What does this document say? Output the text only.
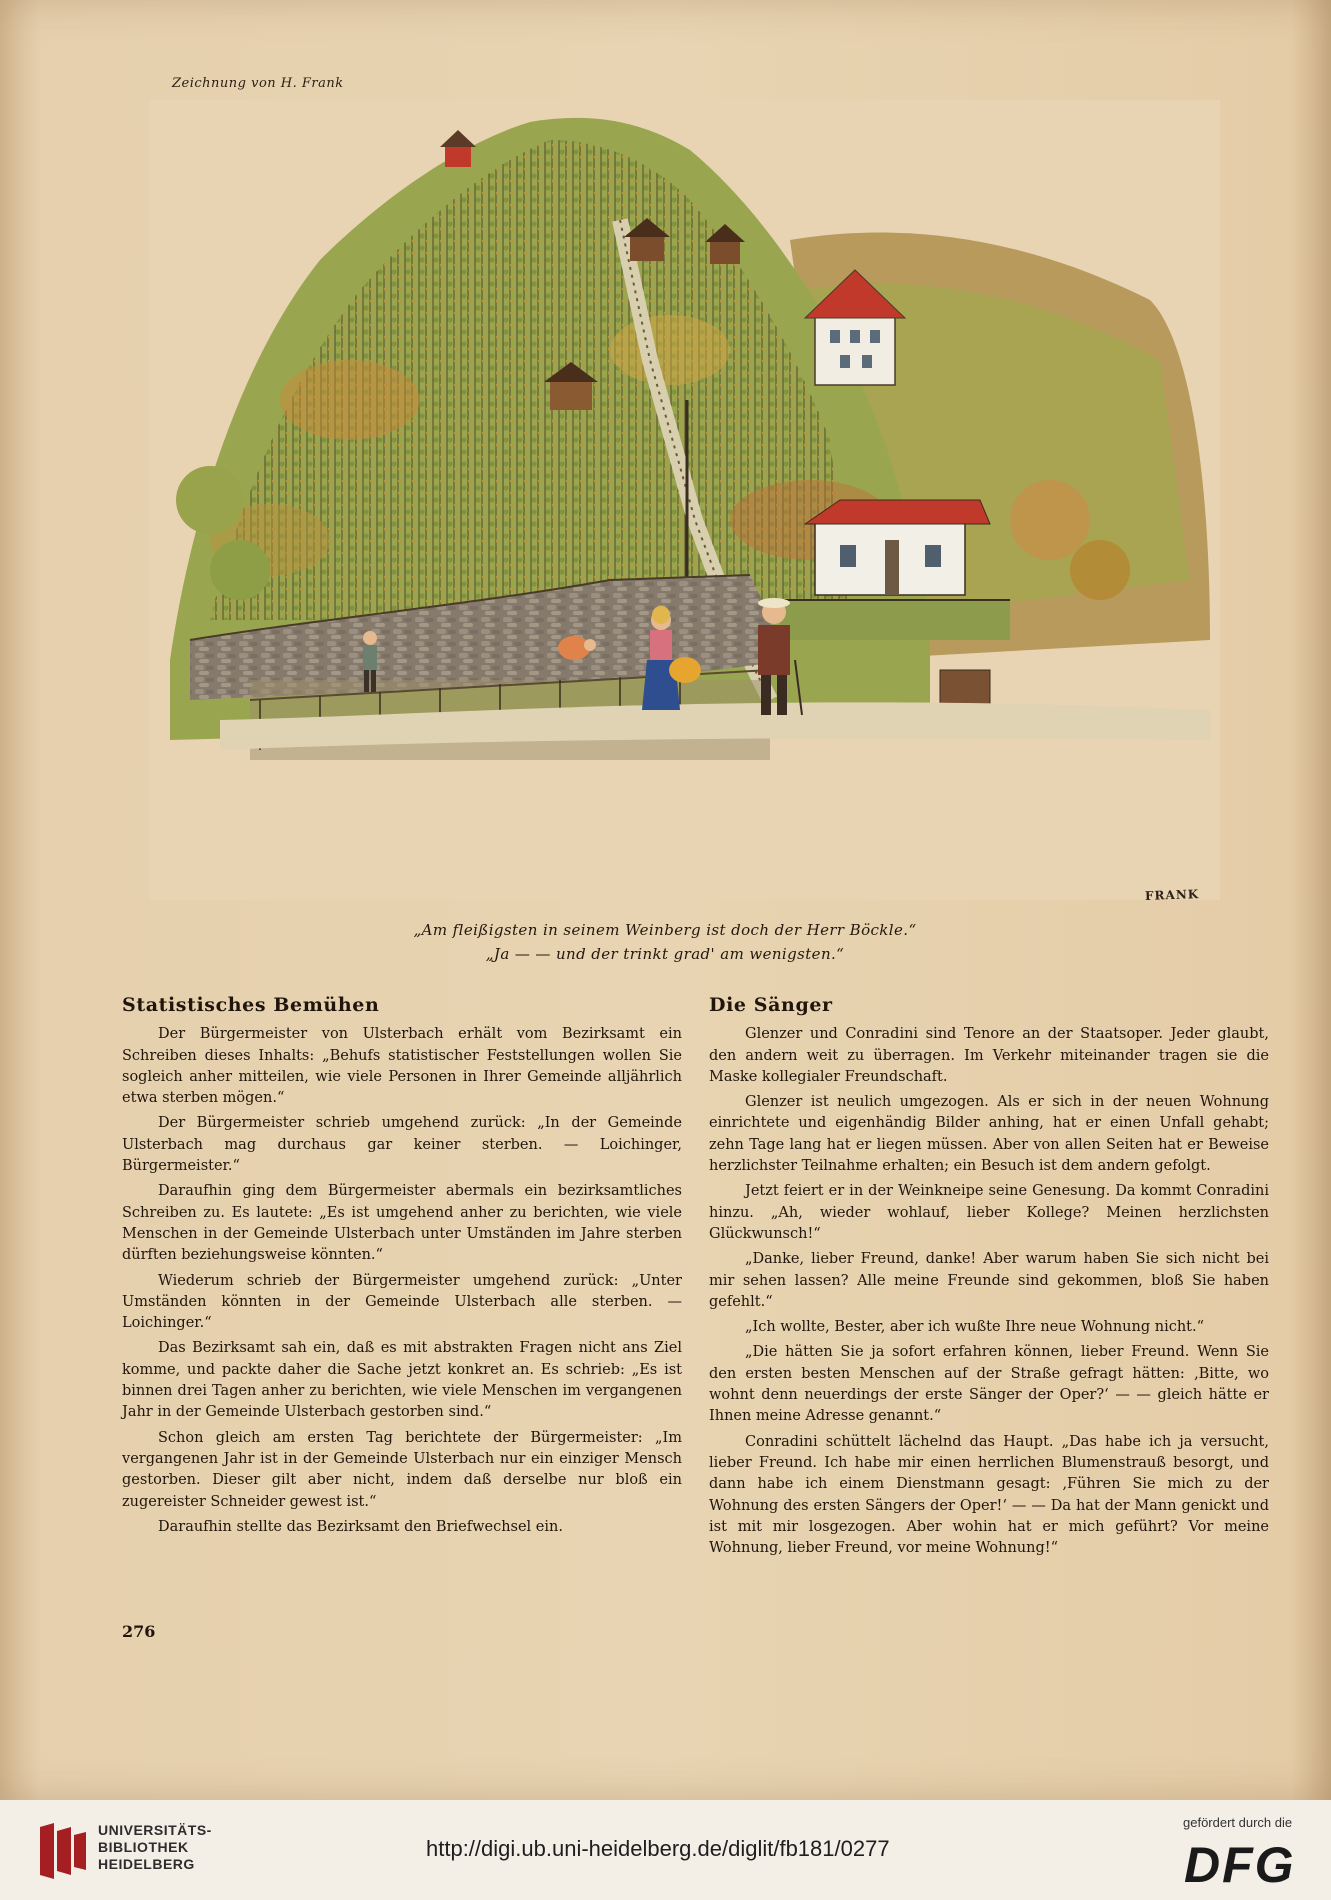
Zeichnung von H. Frank
FRANK
„Am fleißigsten in seinem Weinberg ist doch der Herr Böckle.“
„Ja — — und der trinkt grad' am wenigsten.“
Statistisches Bemühen

Der Bürgermeister von Ulsterbach erhält vom Bezirksamt ein Schreiben dieses Inhalts: „Behufs statistischer Feststellungen wollen Sie sogleich anher mitteilen, wie viele Personen in Ihrer Gemeinde alljährlich etwa sterben mögen.“

Der Bürgermeister schrieb umgehend zurück: „In der Gemeinde Ulsterbach mag durchaus gar keiner sterben. — Loichinger, Bürgermeister.“

Daraufhin ging dem Bürgermeister abermals ein bezirksamtliches Schreiben zu. Es lautete: „Es ist umgehend anher zu berichten, wie viele Menschen in der Gemeinde Ulsterbach unter Umständen im Jahre sterben dürften beziehungsweise könnten.“

Wiederum schrieb der Bürgermeister umgehend zurück: „Unter Umständen könnten in der Gemeinde Ulsterbach alle sterben. — Loichinger.“

Das Bezirksamt sah ein, daß es mit abstrakten Fragen nicht ans Ziel komme, und packte daher die Sache jetzt konkret an. Es schrieb: „Es ist binnen drei Tagen anher zu berichten, wie viele Menschen im vergangenen Jahr in der Gemeinde Ulsterbach gestorben sind.“

Schon gleich am ersten Tag berichtete der Bürgermeister: „Im vergangenen Jahr ist in der Gemeinde Ulsterbach nur ein einziger Mensch gestorben. Dieser gilt aber nicht, indem daß derselbe nur bloß ein zugereister Schneider gewest ist.“

Daraufhin stellte das Bezirksamt den Briefwechsel ein.

Die Sänger

Glenzer und Conradini sind Tenore an der Staatsoper. Jeder glaubt, den andern weit zu überragen. Im Verkehr miteinander tragen sie die Maske kollegialer Freundschaft.

Glenzer ist neulich umgezogen. Als er sich in der neuen Wohnung einrichtete und eigenhändig Bilder anhing, hat er einen Unfall gehabt; zehn Tage lang hat er liegen müssen. Aber von allen Seiten hat er Beweise herzlichster Teilnahme erhalten; ein Besuch ist dem andern gefolgt.

Jetzt feiert er in der Weinkneipe seine Genesung. Da kommt Conradini hinzu. „Ah, wieder wohlauf, lieber Kollege? Meinen herzlichsten Glückwunsch!“

„Danke, lieber Freund, danke! Aber warum haben Sie sich nicht bei mir sehen lassen? Alle meine Freunde sind gekommen, bloß Sie haben gefehlt.“

„Ich wollte, Bester, aber ich wußte Ihre neue Wohnung nicht.“

„Die hätten Sie ja sofort erfahren können, lieber Freund. Wenn Sie den ersten besten Menschen auf der Straße gefragt hätten: ‚Bitte, wo wohnt denn neuerdings der erste Sänger der Oper?‘ — — gleich hätte er Ihnen meine Adresse genannt.“

Conradini schüttelt lächelnd das Haupt. „Das habe ich ja versucht, lieber Freund. Ich habe mir einen herrlichen Blumenstrauß besorgt, und dann habe ich einem Dienstmann gesagt: ‚Führen Sie mich zu der Wohnung des ersten Sängers der Oper!‘ — — Da hat der Mann genickt und ist mit mir losgezogen. Aber wohin hat er mich geführt? Vor meine Wohnung, lieber Freund, vor meine Wohnung!“

276
UNIVERSITÄTS-
BIBLIOTHEK
HEIDELBERG
http://digi.ub.uni-heidelberg.de/diglit/fb181/0277
gefördert durch die
DFG
